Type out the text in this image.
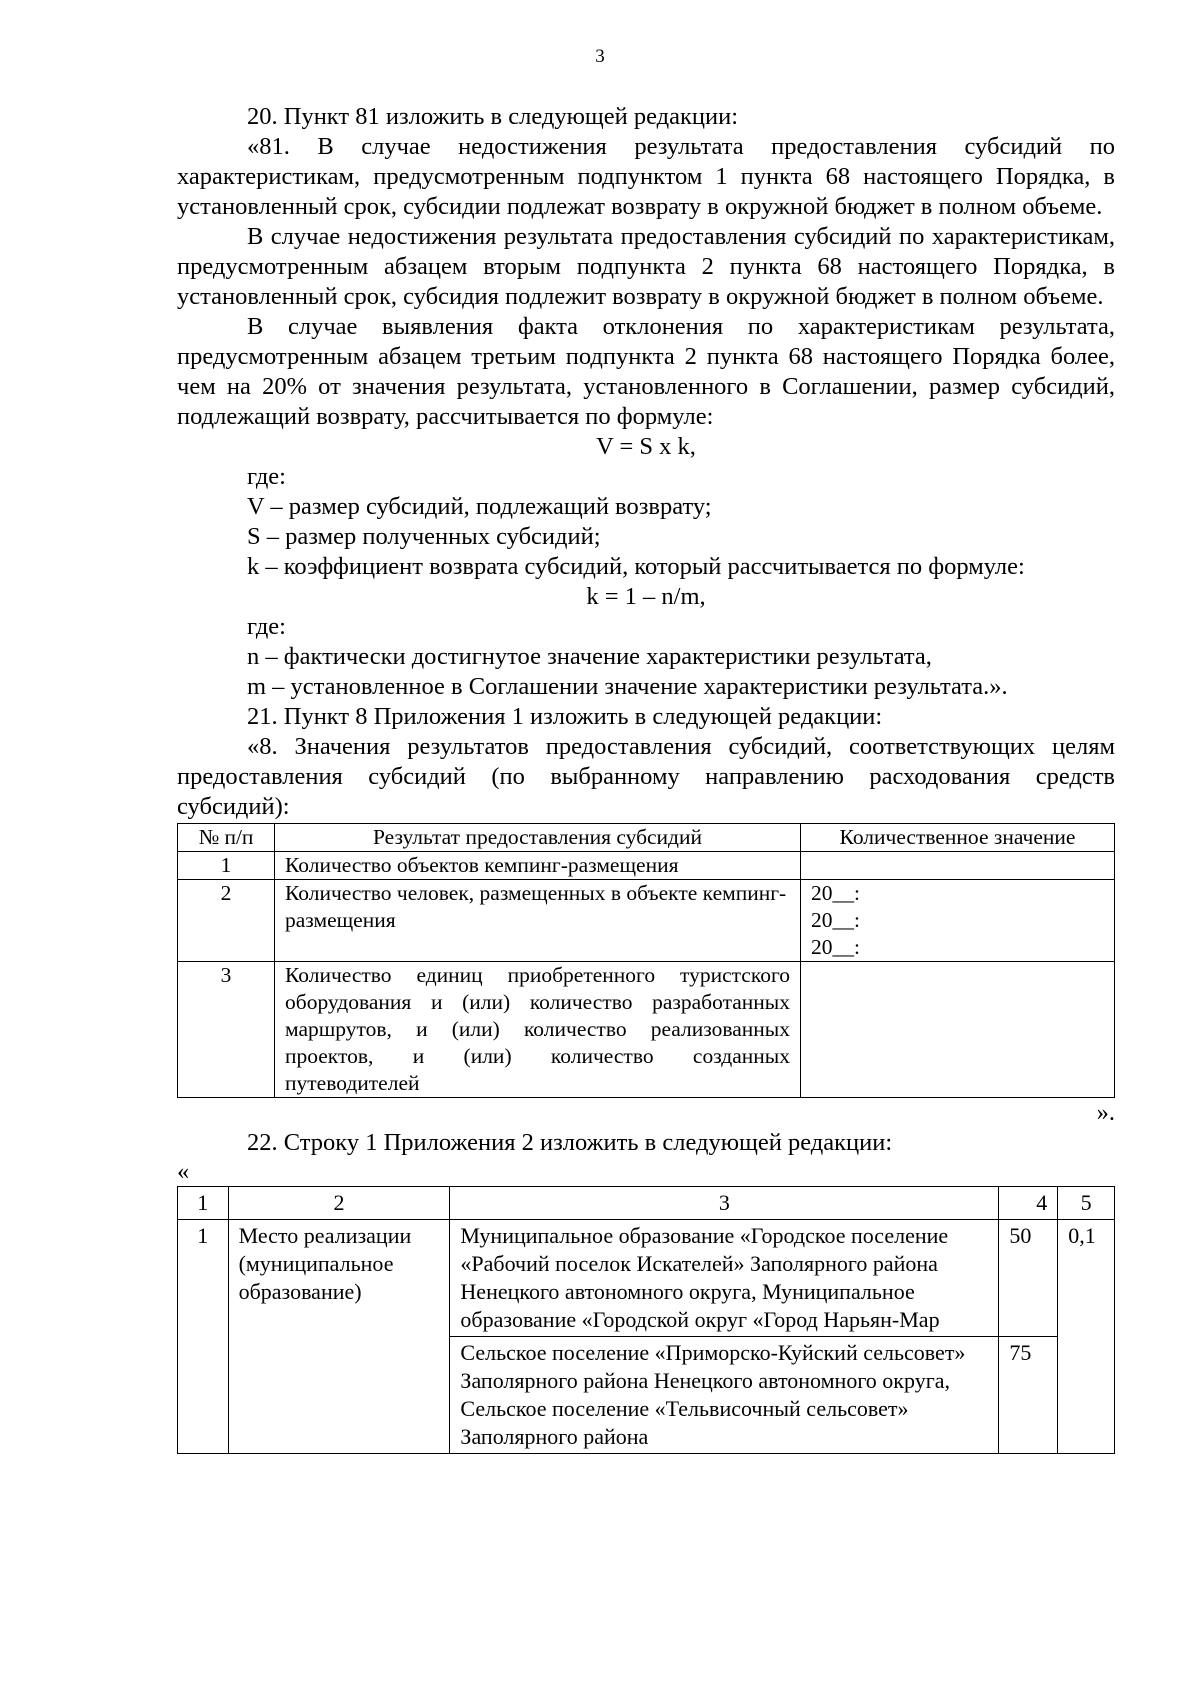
3

20. Пункт 81 изложить в следующей редакции:

«81. В случае недостижения результата предоставления субсидий по характеристикам, предусмотренным подпунктом 1 пункта 68 настоящего Порядка, в установленный срок, субсидии подлежат возврату в окружной бюджет в полном объеме.

В случае недостижения результата предоставления субсидий по характеристикам, предусмотренным абзацем вторым подпункта 2 пункта 68 настоящего Порядка, в установленный срок, субсидия подлежит возврату в окружной бюджет в полном объеме.

В случае выявления факта отклонения по характеристикам результата, предусмотренным абзацем третьим подпункта 2 пункта 68 настоящего Порядка более, чем на 20% от значения результата, установленного в Соглашении, размер субсидий, подлежащий возврату, рассчитывается по формуле:

V = S x k,

где:

V – размер субсидий, подлежащий возврату;

S – размер полученных субсидий;

k – коэффициент возврата субсидий, который рассчитывается по формуле:

k = 1 – n/m,

где:

n – фактически достигнутое значение характеристики результата,

m – установленное в Соглашении значение характеристики результата.».

21. Пункт 8 Приложения 1 изложить в следующей редакции:

«8. Значения результатов предоставления субсидий, соответствующих целям предоставления субсидий (по выбранному направлению расходования средств субсидий):

№ п/п	Результат предоставления субсидий	Количественное значение
1	Количество объектов кемпинг-размещения	
2	Количество человек, размещенных в объекте кемпинг-размещения	20__:
20__:
20__:

3	Количество единиц приобретенного туристского оборудования и (или) количество разработанных маршрутов, и (или) количество реализованных проектов, и (или) количество созданных путеводителей	

».

22. Строку 1 Приложения 2 изложить в следующей редакции:

«

1	2	3	4	5
1	Место реализации (муниципальное образование)	Муниципальное образование «Городское поселение «Рабочий поселок Искателей» Заполярного района Ненецкого автономного округа, Муниципальное образование «Городской округ «Город Нарьян-Мар	50	0,1
		Сельское поселение «Приморско-Куйский сельсовет» Заполярного района Ненецкого автономного округа, Сельское поселение «Тельвисочный сельсовет» Заполярного района	75	
